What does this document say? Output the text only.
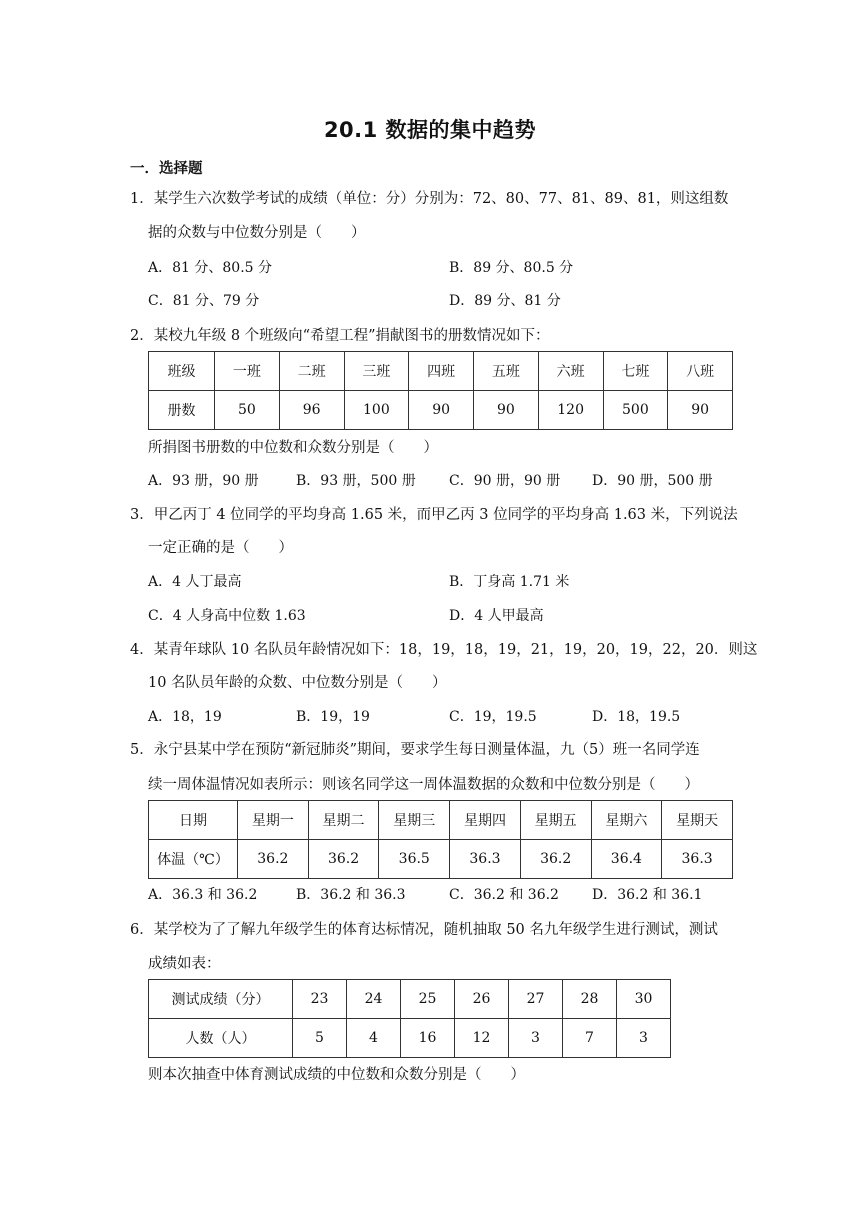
20.1 数据的集中趋势
一．选择题
1．某学生六次数学考试的成绩（单位：分）分别为：72、80、77、81、89、81，则这组数
据的众数与中位数分别是（　　）
A．81 分、80.5 分	B．89 分、80.5 分
C．81 分、79 分	D．89 分、81 分
2．某校九年级 8 个班级向“希望工程”捐献图书的册数情况如下：
班级	一班	二班	三班	四班	五班	六班	七班	八班
册数	50	96	100	90	90	120	500	90
所捐图书册数的中位数和众数分别是（　　）
A．93 册，90 册	B．93 册，500 册 C．90 册，90 册 D．90 册，500 册
3．甲乙丙丁 4 位同学的平均身高 1.65 米，而甲乙丙 3 位同学的平均身高 1.63 米，下列说法
一定正确的是（　　）
A．4 人丁最高	B．丁身高 1.71 米
C．4 人身高中位数 1.63	D．4 人甲最高
4．某青年球队 10 名队员年龄情况如下：18，19，18，19，21，19，20，19，22，20．则这
10 名队员年龄的众数、中位数分别是（　　）
A．18，19	B．19，19	C．19，19.5	D．18，19.5
5．永宁县某中学在预防“新冠肺炎”期间，要求学生每日测量体温，九（5）班一名同学连
续一周体温情况如表所示：则该名同学这一周体温数据的众数和中位数分别是（　　）
日期	星期一	星期二	星期三	星期四	星期五	星期六	星期天
体温（℃）	36.2	36.2	36.5	36.3	36.2	36.4	36.3
A．36.3 和 36.2	B．36.2 和 36.3	C．36.2 和 36.2 D．36.2 和 36.1
6．某学校为了了解九年级学生的体育达标情况，随机抽取 50 名九年级学生进行测试，测试
成绩如表：
测试成绩（分）	23	24	25	26	27	28	30
人数（人）	5	4	16	12	3	7	3
则本次抽查中体育测试成绩的中位数和众数分别是（　　）
